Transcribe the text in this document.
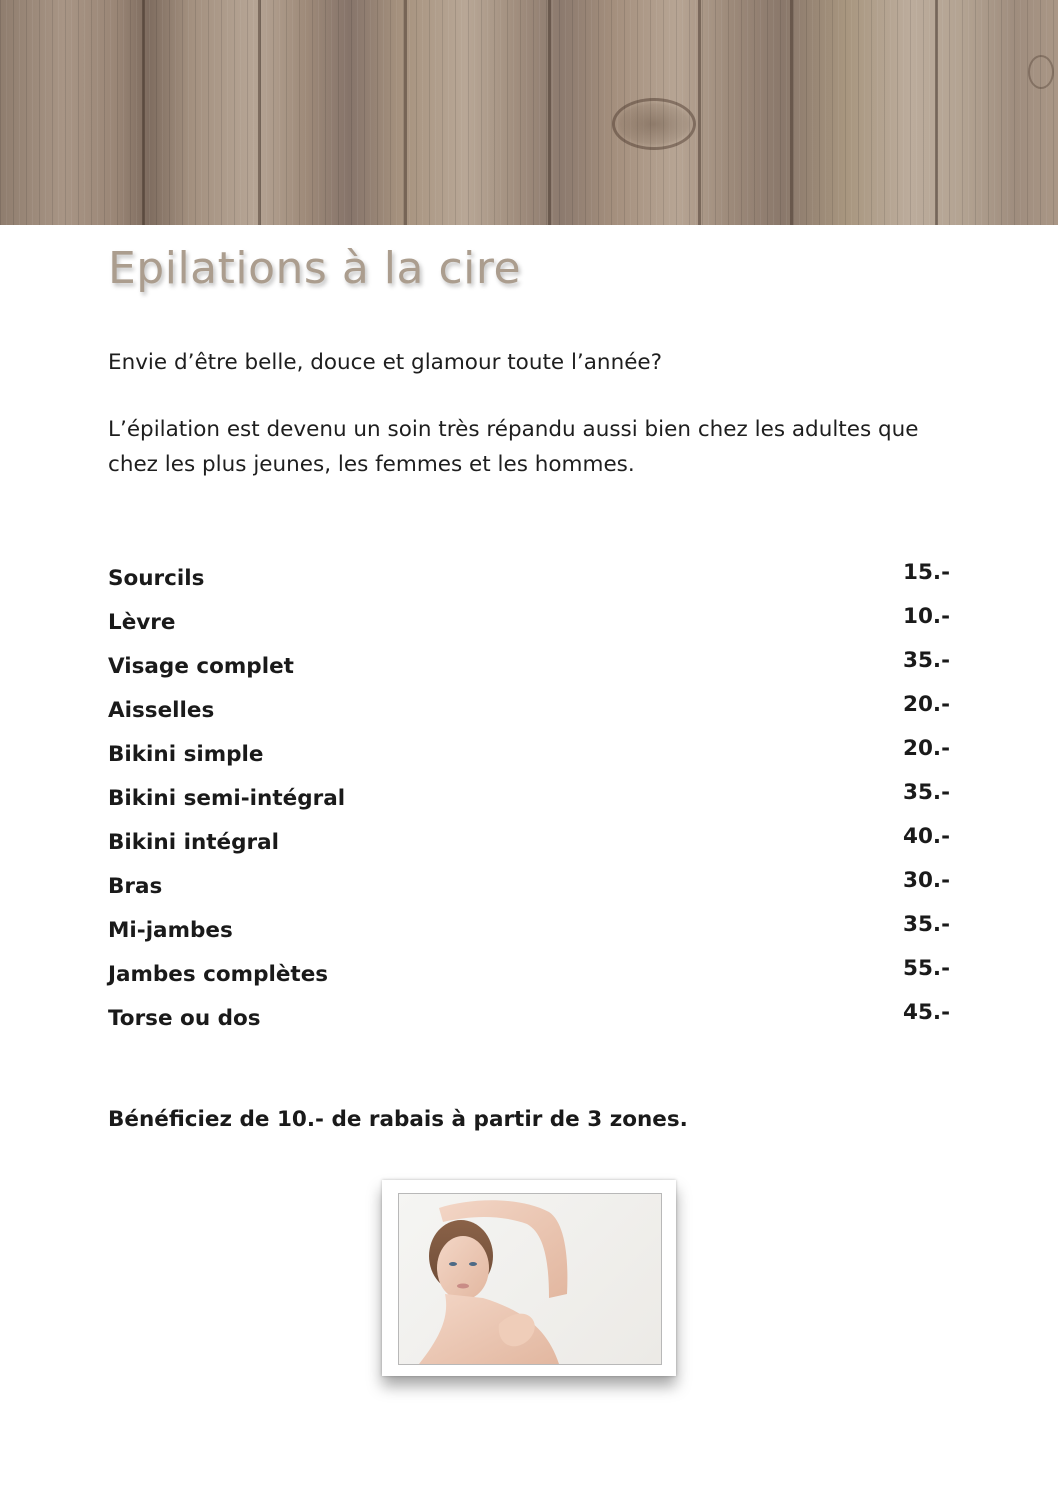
Epilations à la cire

Envie d’être belle, douce et glamour toute l’année?

L’épilation est devenu un soin très répandu aussi bien chez les adultes que chez les plus jeunes, les femmes et les hommes.

Sourcils	15.-
Lèvre	10.-
Visage complet	35.-
Aisselles	20.-
Bikini simple	20.-
Bikini semi-intégral	35.-
Bikini intégral	40.-
Bras	30.-
Mi-jambes	35.-
Jambes complètes	55.-
Torse ou dos	45.-

Bénéficiez de 10.- de rabais à partir de 3 zones.
